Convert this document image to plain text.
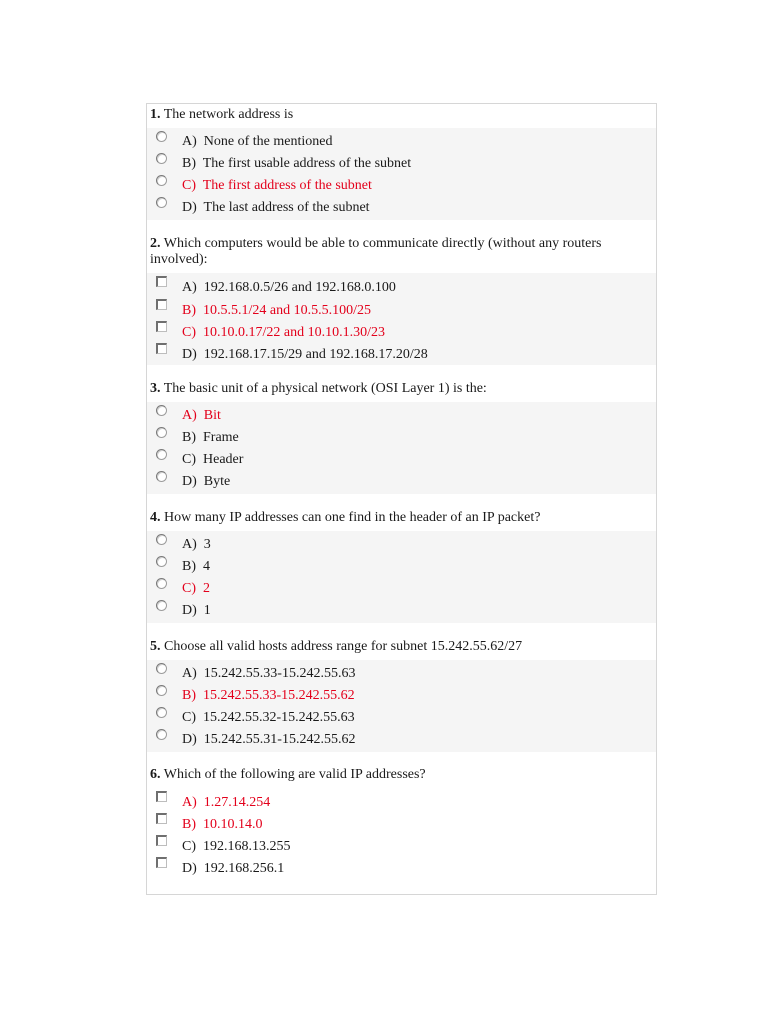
1. The network address is

A) None of the mentioned
B) The first usable address of the subnet
C) The first address of the subnet
D) The last address of the subnet

2. Which computers would be able to communicate directly (without any routers involved):

A) 192.168.0.5/26 and 192.168.0.100
B) 10.5.5.1/24 and 10.5.5.100/25
C) 10.10.0.17/22 and 10.10.1.30/23
D) 192.168.17.15/29 and 192.168.17.20/28

3. The basic unit of a physical network (OSI Layer 1) is the:

A) Bit
B) Frame
C) Header
D) Byte

4. How many IP addresses can one find in the header of an IP packet?

A) 3
B) 4
C) 2
D) 1

5. Choose all valid hosts address range for subnet 15.242.55.62/27

A) 15.242.55.33-15.242.55.63
B) 15.242.55.33-15.242.55.62
C) 15.242.55.32-15.242.55.63
D) 15.242.55.31-15.242.55.62

6. Which of the following are valid IP addresses?

A) 1.27.14.254
B) 10.10.14.0
C) 192.168.13.255
D) 192.168.256.1
